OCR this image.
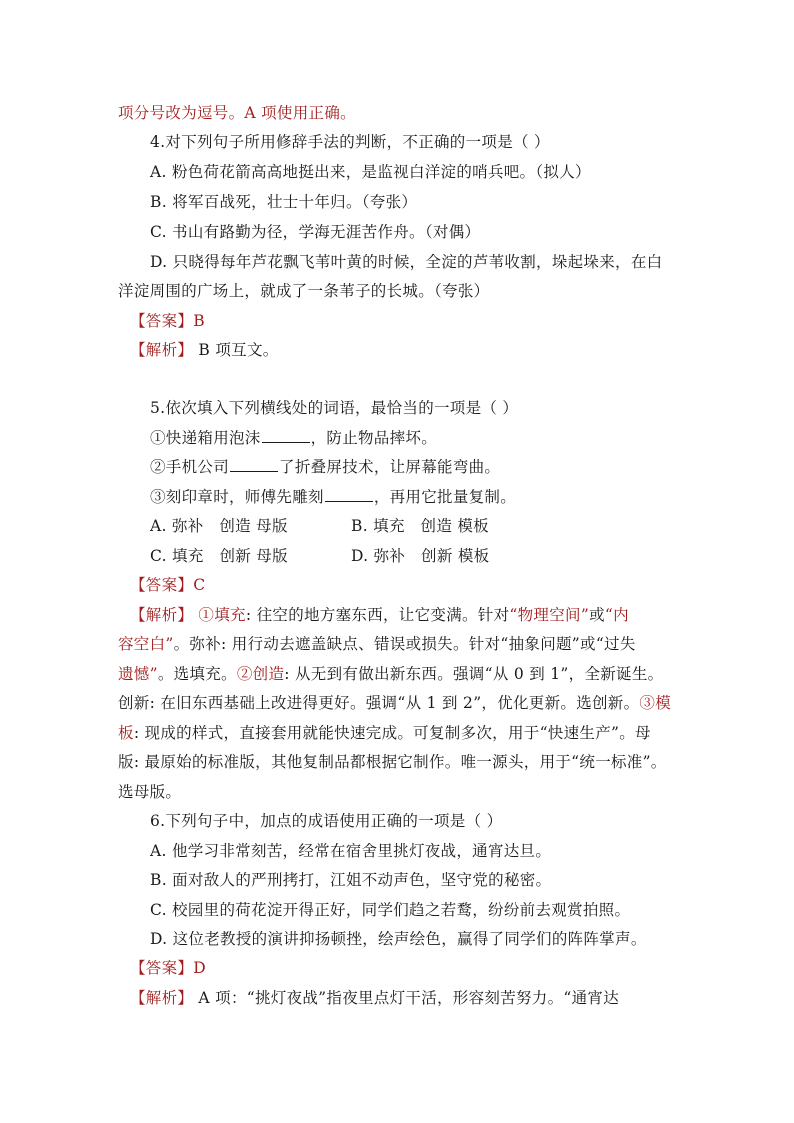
项分号改为逗号。A 项使用正确。
4.对下列句子所用修辞手法的判断，不正确的一项是（ ）
A. 粉色荷花箭高高地挺出来，是监视白洋淀的哨兵吧。（拟人）
B. 将军百战死，壮士十年归。（夸张）
C. 书山有路勤为径，学海无涯苦作舟。（对偶）
D. 只晓得每年芦花飘飞苇叶黄的时候，全淀的芦苇收割，垛起垛来，在白
洋淀周围的广场上，就成了一条苇子的长城。（夸张）
【答案】B
【解析】 B 项互文。
5.依次填入下列横线处的词语，最恰当的一项是（ ）
①快递箱用泡沫	，防止物品摔坏。
②手机公司	了折叠屏技术，让屏幕能弯曲。
③刻印章时，师傅先雕刻	，再用它批量复制。
A. 弥补　创造 母版	B. 填充　创造 模板
C. 填充　创新 母版	D. 弥补　创新 模板
【答案】C
【解析】 ①填充: 往空的地方塞东西，让它变满。针对“物理空间”或“内
容空白”。弥补: 用行动去遮盖缺点、错误或损失。针对“抽象问题”或“过失
遗憾”。选填充。②创造: 从无到有做出新东西。强调“从 0 到 1”，全新诞生。
创新: 在旧东西基础上改进得更好。强调“从 1 到 2”，优化更新。选创新。③模
板: 现成的样式，直接套用就能快速完成。可复制多次，用于“快速生产”。母
版: 最原始的标准版，其他复制品都根据它制作。唯一源头，用于“统一标准”。
选母版。
6.下列句子中，加点的成语使用正确的一项是（ ）
A. 他学习非常刻苦，经常在宿舍里挑灯夜战，通宵达旦。
B. 面对敌人的严刑拷打，江姐不动声色，坚守党的秘密。
C. 校园里的荷花淀开得正好，同学们趋之若鹜，纷纷前去观赏拍照。
D. 这位老教授的演讲抑扬顿挫，绘声绘色，赢得了同学们的阵阵掌声。
【答案】D
【解析】 A 项：“挑灯夜战”指夜里点灯干活，形容刻苦努力。“通宵达
